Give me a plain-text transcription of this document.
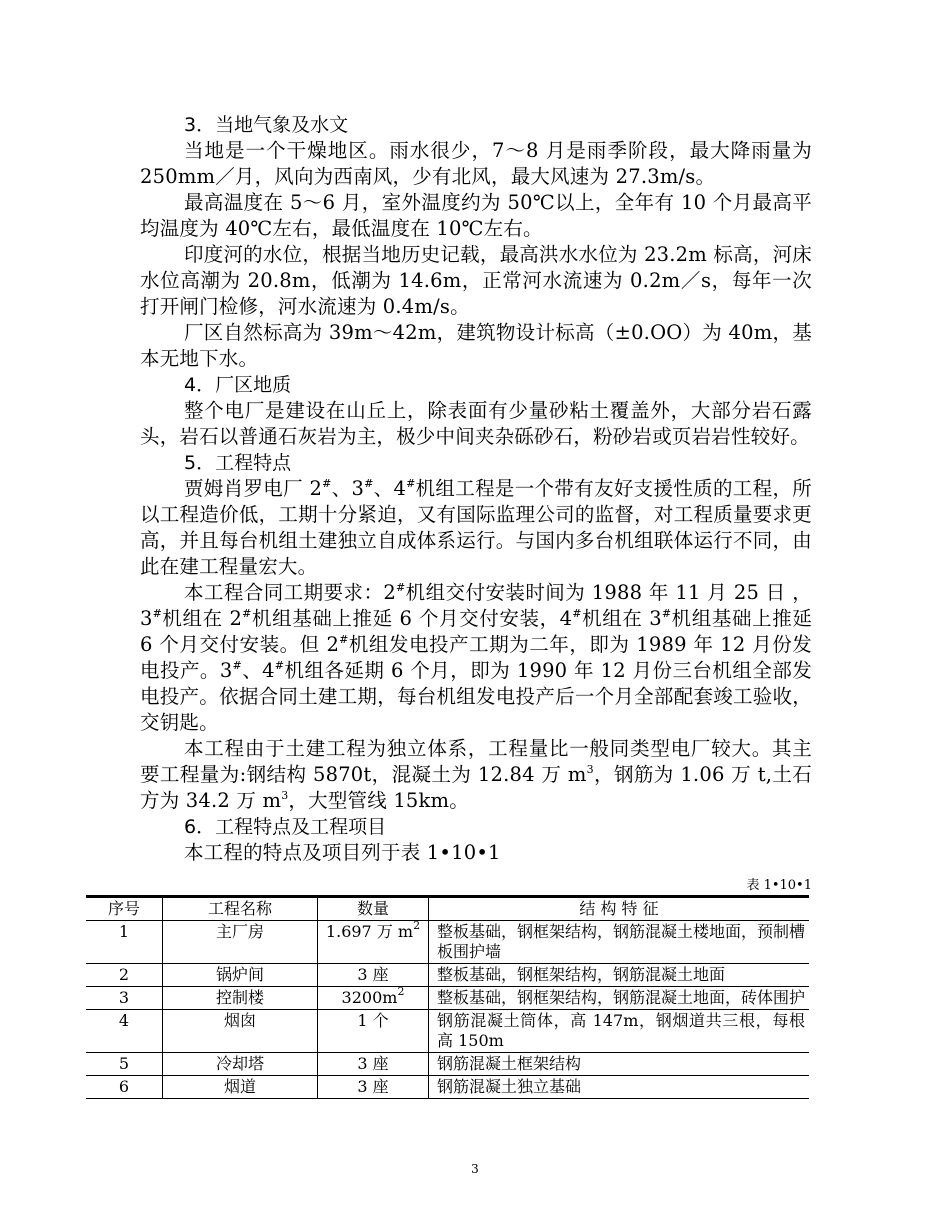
3．当地气象及水文

当地是一个干燥地区。雨水很少，7～8 月是雨季阶段，最大降雨量为 250mm／月，风向为西南风，少有北风，最大风速为 27.3m/s。

最高温度在 5～6 月，室外温度约为 50℃以上，全年有 10 个月最高平均温度为 40℃左右，最低温度在 10℃左右。

印度河的水位，根据当地历史记载，最高洪水水位为 23.2m 标高，河床水位高潮为 20.8m，低潮为 14.6m，正常河水流速为 0.2m／s，每年一次打开闸门检修，河水流速为 0.4m/s。

厂区自然标高为 39m～42m，建筑物设计标高（±0.OO）为 40m，基本无地下水。

4．厂区地质

整个电厂是建设在山丘上，除表面有少量砂粘土覆盖外，大部分岩石露头，岩石以普通石灰岩为主，极少中间夹杂砾砂石，粉砂岩或页岩岩性较好。

5．工程特点

贾姆肖罗电厂 2#、3#、4#机组工程是一个带有友好支援性质的工程，所以工程造价低，工期十分紧迫，又有国际监理公司的监督，对工程质量要求更高，并且每台机组土建独立自成体系运行。与国内多台机组联体运行不同，由此在建工程量宏大。

本工程合同工期要求：2#机组交付安装时间为 1988 年 11 月 25 日 ，3#机组在 2#机组基础上推延 6 个月交付安装，4#机组在 3#机组基础上推延 6 个月交付安装。但 2#机组发电投产工期为二年，即为 1989 年 12 月份发电投产。3#、4#机组各延期 6 个月，即为 1990 年 12 月份三台机组全部发电投产。依据合同土建工期，每台机组发电投产后一个月全部配套竣工验收，交钥匙。

本工程由于土建工程为独立体系，工程量比一般同类型电厂较大。其主要工程量为:钢结构 5870t，混凝土为 12.84 万 $m^3$，钢筋为 1.06 万 t,土石方为 34.2 万 $m^3$，大型管线 15km。

6．工程特点及工程项目

本工程的特点及项目列于表 1•10•1

表 1•10•1
序号	工程名称	数量	结 构 特 征
1	主厂房	1.697 万 $m^2$	整板基础，钢框架结构，钢筋混凝土楼地面，预制槽板围护墙
2	锅炉间	3 座	整板基础，钢框架结构，钢筋混凝土地面
3	控制楼	$3200m^2$	整板基础，钢框架结构，钢筋混凝土地面，砖体围护
4	烟囱	1 个	钢筋混凝土筒体，高 147m，钢烟道共三根，每根高 150m
5	冷却塔	3 座	钢筋混凝土框架结构
6	烟道	3 座	钢筋混凝土独立基础
3
